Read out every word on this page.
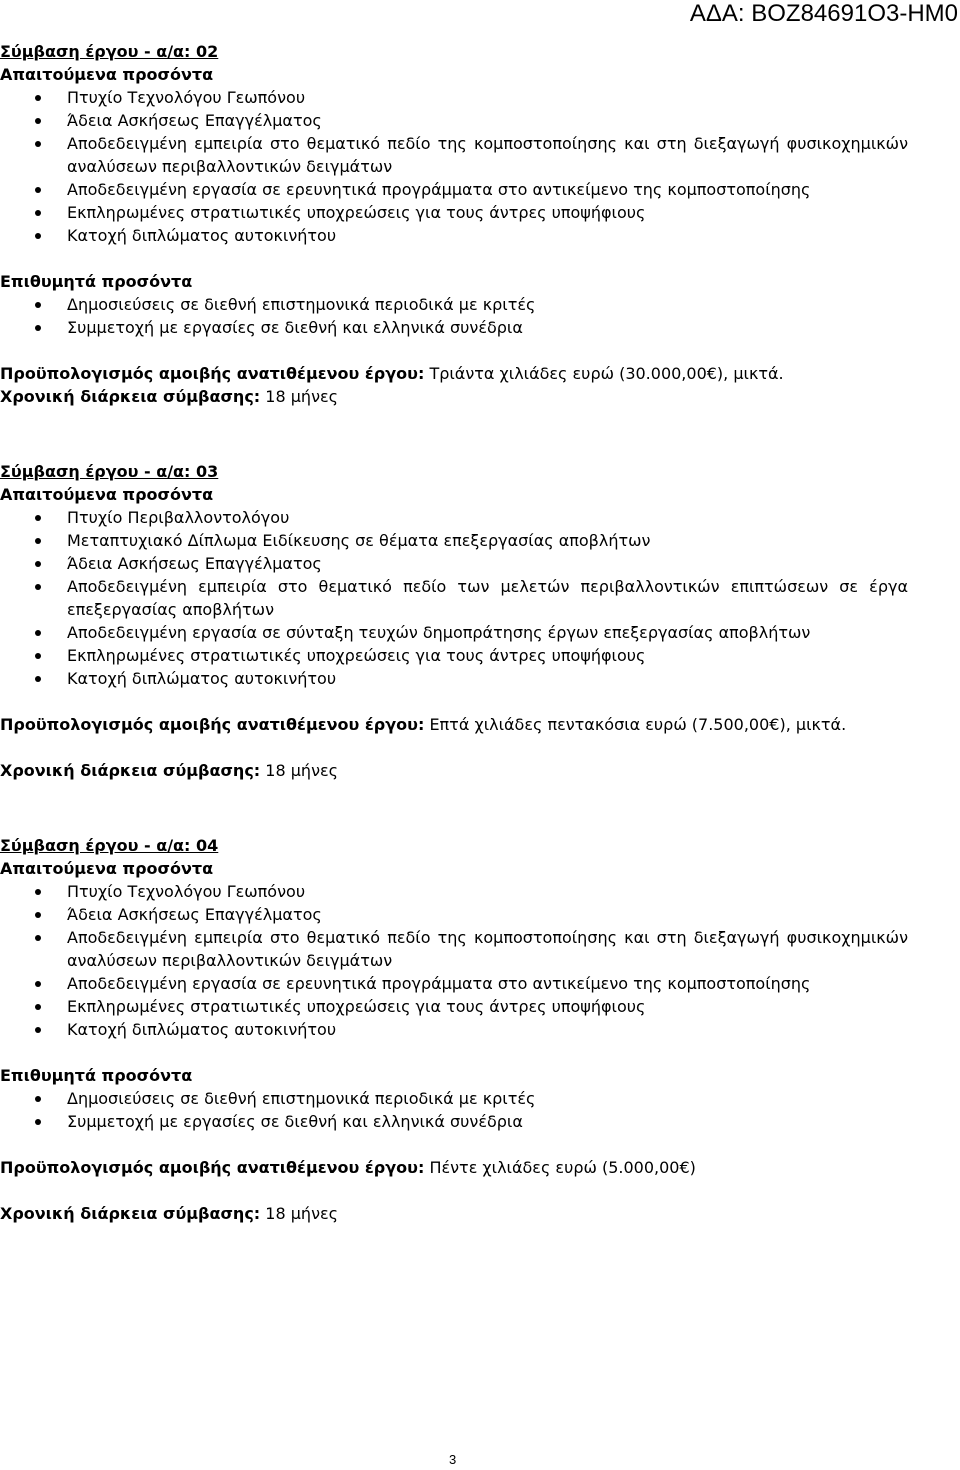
ΑΔΑ: ΒΟΖ84691Ο3-ΗΜ0

Σύμβαση έργου - α/α: 02

Απαιτούμενα προσόντα

Πτυχίο Τεχνολόγου Γεωπόνου
Άδεια Ασκήσεως Επαγγέλματος
Αποδεδειγμένη εμπειρία στο θεματικό πεδίο της κομποστοποίησης και στη διεξαγωγή φυσικοχημικών αναλύσεων περιβαλλοντικών δειγμάτων
Αποδεδειγμένη εργασία σε ερευνητικά προγράμματα στο αντικείμενο της κομποστοποίησης
Εκπληρωμένες στρατιωτικές υποχρεώσεις για τους άντρες υποψήφιους
Κατοχή διπλώματος αυτοκινήτου

Επιθυμητά προσόντα

Δημοσιεύσεις σε διεθνή επιστημονικά περιοδικά με κριτές
Συμμετοχή με εργασίες σε διεθνή και ελληνικά συνέδρια

Προϋπολογισμός αμοιβής ανατιθέμενου έργου: Τριάντα χιλιάδες ευρώ (30.000,00€), μικτά.

Χρονική διάρκεια σύμβασης: 18 μήνες

Σύμβαση έργου - α/α: 03

Απαιτούμενα προσόντα

Πτυχίο Περιβαλλοντολόγου
Μεταπτυχιακό Δίπλωμα Ειδίκευσης σε θέματα επεξεργασίας αποβλήτων
Άδεια Ασκήσεως Επαγγέλματος
Αποδεδειγμένη εμπειρία στο θεματικό πεδίο των μελετών περιβαλλοντικών επιπτώσεων σε έργα επεξεργασίας αποβλήτων
Αποδεδειγμένη εργασία σε σύνταξη τευχών δημοπράτησης έργων επεξεργασίας αποβλήτων
Εκπληρωμένες στρατιωτικές υποχρεώσεις για τους άντρες υποψήφιους
Κατοχή διπλώματος αυτοκινήτου

Προϋπολογισμός αμοιβής ανατιθέμενου έργου: Επτά χιλιάδες πεντακόσια ευρώ (7.500,00€), μικτά.

Χρονική διάρκεια σύμβασης: 18 μήνες

Σύμβαση έργου - α/α: 04

Απαιτούμενα προσόντα

Πτυχίο Τεχνολόγου Γεωπόνου
Άδεια Ασκήσεως Επαγγέλματος
Αποδεδειγμένη εμπειρία στο θεματικό πεδίο της κομποστοποίησης και στη διεξαγωγή φυσικοχημικών αναλύσεων περιβαλλοντικών δειγμάτων
Αποδεδειγμένη εργασία σε ερευνητικά προγράμματα στο αντικείμενο της κομποστοποίησης
Εκπληρωμένες στρατιωτικές υποχρεώσεις για τους άντρες υποψήφιους
Κατοχή διπλώματος αυτοκινήτου

Επιθυμητά προσόντα

Δημοσιεύσεις σε διεθνή επιστημονικά περιοδικά με κριτές
Συμμετοχή με εργασίες σε διεθνή και ελληνικά συνέδρια

Προϋπολογισμός αμοιβής ανατιθέμενου έργου: Πέντε χιλιάδες ευρώ (5.000,00€)

Χρονική διάρκεια σύμβασης: 18 μήνες

3
